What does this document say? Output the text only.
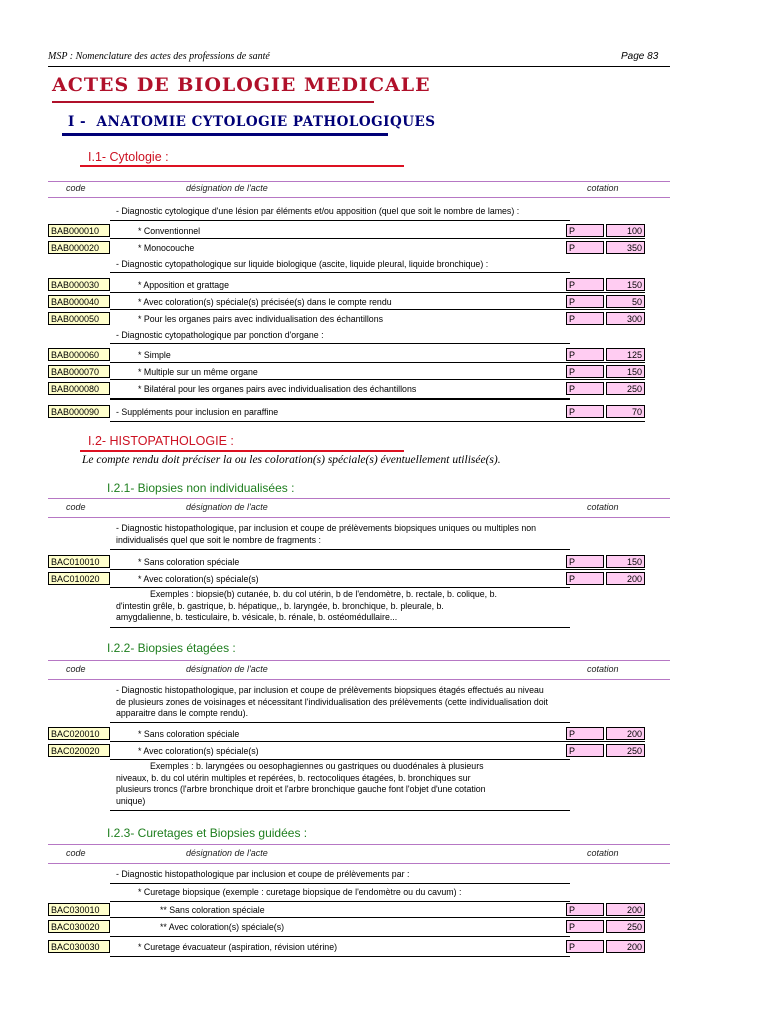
MSP : Nomenclature des actes des professions de santé	Page 83
ACTES DE BIOLOGIE MEDICALE
I - ANATOMIE CYTOLOGIE PATHOLOGIQUES
I.1- Cytologie :
code	désignation de l'acte	cotation
- Diagnostic cytologique d'une lésion par éléments et/ou apposition (quel que soit le nombre de lames) :
BAB000010	* Conventionnel	P	100
BAB000020	* Monocouche	P	350
- Diagnostic cytopathologique sur liquide biologique (ascite, liquide pleural, liquide bronchique) :
BAB000030	* Apposition et grattage	P	150
BAB000040	* Avec coloration(s) spéciale(s) précisée(s) dans le compte rendu	P	50
BAB000050	* Pour les organes pairs avec individualisation des échantillons	P	300
- Diagnostic cytopathologique par ponction d'organe :
BAB000060	* Simple	P	125
BAB000070	* Multiple sur un même organe	P	150
BAB000080	* Bilatéral pour les organes pairs avec individualisation des échantillons	P	250
BAB000090	- Suppléments pour inclusion en paraffine	P	70
I.2- HISTOPATHOLOGIE :
Le compte rendu doit préciser la ou les coloration(s) spéciale(s) éventuellement utilisée(s).
I.2.1- Biopsies non individualisées :
code	désignation de l'acte	cotation
- Diagnostic histopathologique, par inclusion et coupe de prélèvements biopsiques uniques ou multiples non
individualisés quel que soit le nombre de fragments :
BAC010010	* Sans coloration spéciale	P	150
BAC010020	* Avec coloration(s) spéciale(s)	P	200
Exemples : biopsie(b) cutanée, b. du col utérin, b de l'endomètre, b. rectale, b. colique, b.
d'intestin grêle, b. gastrique, b. hépatique,, b. laryngée, b. bronchique, b. pleurale, b.
amygdalienne, b. testiculaire, b. vésicale, b. rénale, b. ostéomédullaire...
I.2.2- Biopsies étagées :
code	désignation de l'acte	cotation
- Diagnostic histopathologique, par inclusion et coupe de prélèvements biopsiques étagés effectués au niveau
de plusieurs zones de voisinages et nécessitant l'individualisation des prélèvements (cette individualisation doit
apparaitre dans le compte rendu).
BAC020010	* Sans coloration spéciale	P	200
BAC020020	* Avec coloration(s) spéciale(s)	P	250
Exemples : b. laryngées ou oesophagiennes ou gastriques ou duodénales à plusieurs
niveaux, b. du col utérin multiples et repérées, b. rectocoliques étagées, b. bronchiques sur
plusieurs troncs (l'arbre bronchique droit et l'arbre bronchique gauche font l'objet d'une cotation
unique)
I.2.3- Curetages et Biopsies guidées :
code	désignation de l'acte	cotation
- Diagnostic histopathologique par inclusion et coupe de prélèvements par :
* Curetage biopsique (exemple : curetage biopsique de l'endomètre ou du cavum) :
BAC030010	** Sans coloration spéciale	P	200
BAC030020	** Avec coloration(s) spéciale(s)	P	250
BAC030030	* Curetage évacuateur (aspiration, révision utérine)	P	200
